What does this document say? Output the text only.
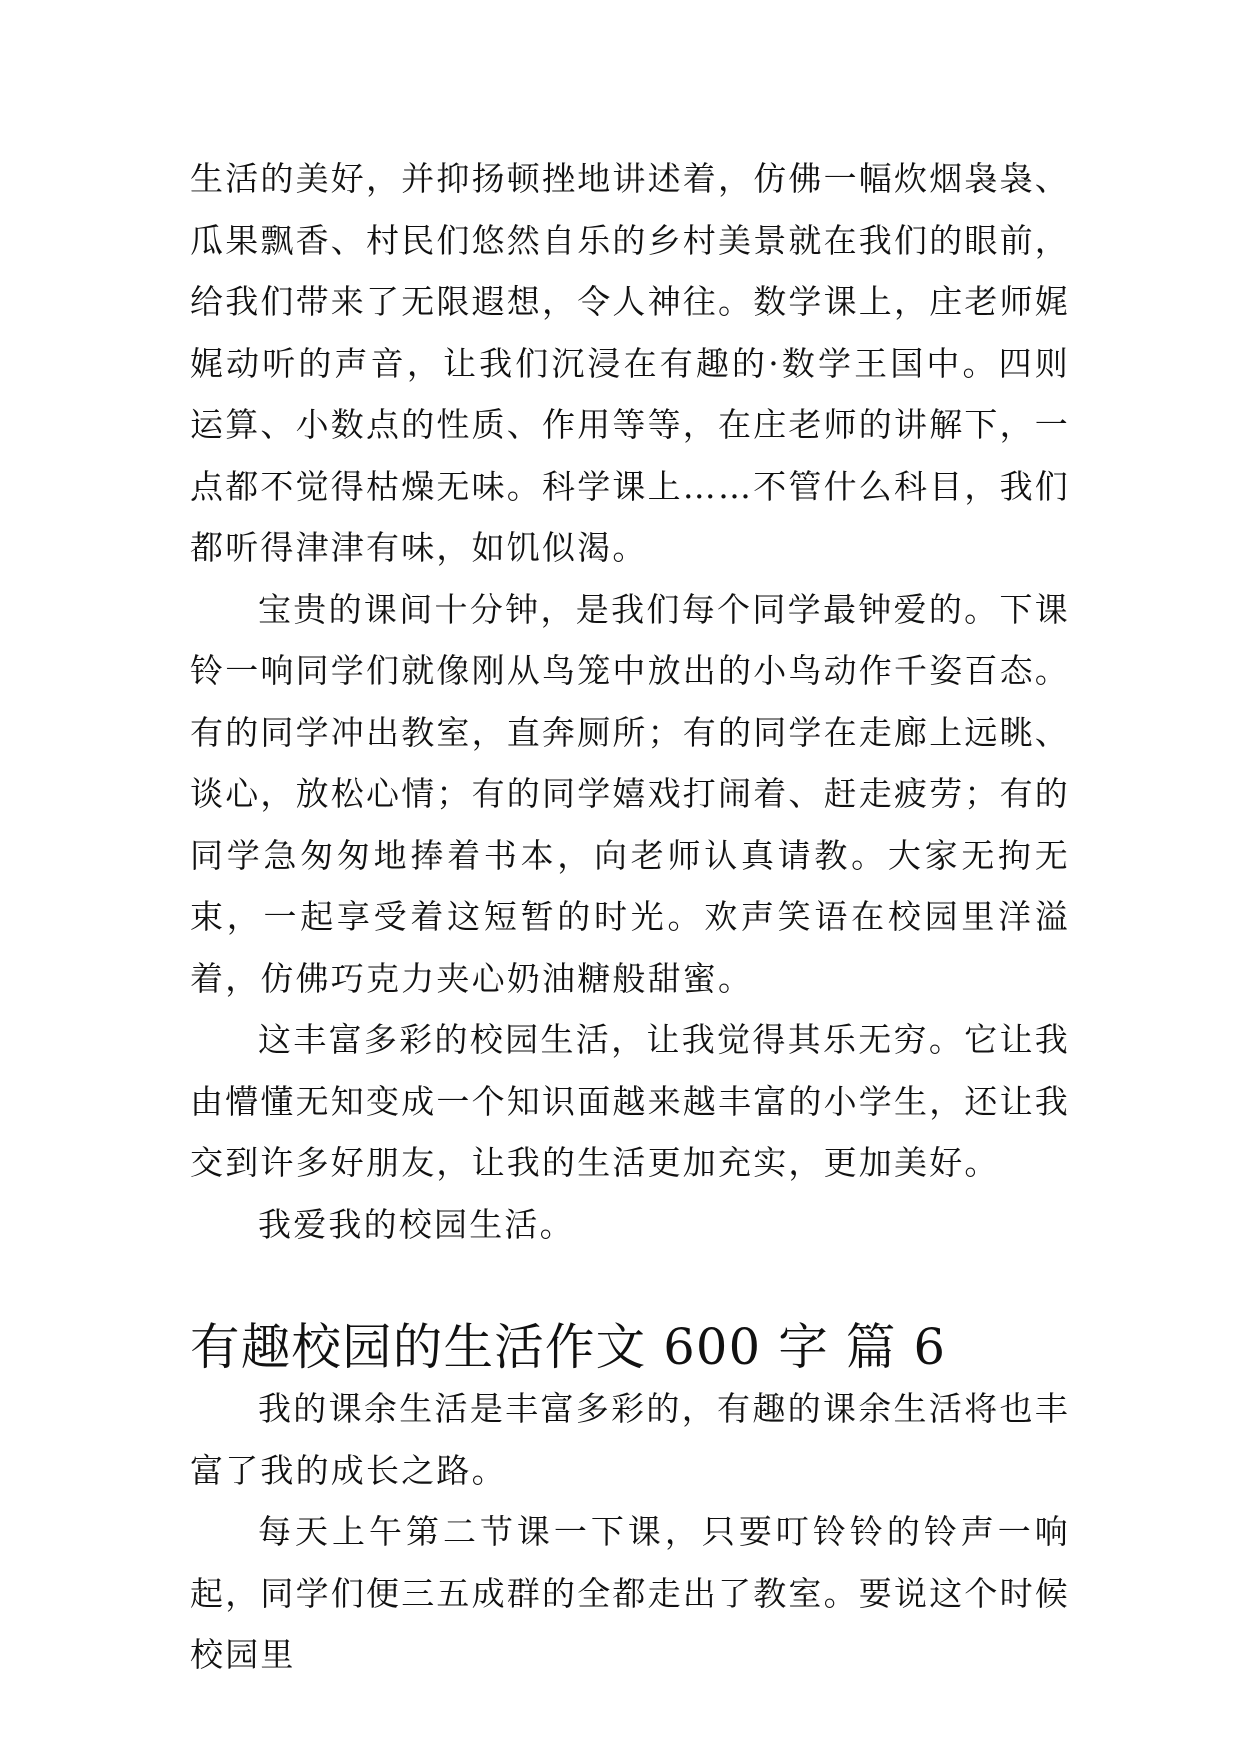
生活的美好，并抑扬顿挫地讲述着，仿佛一幅炊烟袅袅、瓜果飘香、村民们悠然自乐的乡村美景就在我们的眼前，给我们带来了无限遐想，令人神往。数学课上，庄老师娓娓动听的声音，让我们沉浸在有趣的·数学王国中。四则运算、小数点的性质、作用等等，在庄老师的讲解下，一点都不觉得枯燥无味。科学课上……不管什么科目，我们都听得津津有味，如饥似渴。

宝贵的课间十分钟，是我们每个同学最钟爱的。下课铃一响同学们就像刚从鸟笼中放出的小鸟动作千姿百态。有的同学冲出教室，直奔厕所；有的同学在走廊上远眺、谈心，放松心情；有的同学嬉戏打闹着、赶走疲劳；有的同学急匆匆地捧着书本，向老师认真请教。大家无拘无束，一起享受着这短暂的时光。欢声笑语在校园里洋溢着，仿佛巧克力夹心奶油糖般甜蜜。

这丰富多彩的校园生活，让我觉得其乐无穷。它让我由懵懂无知变成一个知识面越来越丰富的小学生，还让我交到许多好朋友，让我的生活更加充实，更加美好。

我爱我的校园生活。

有趣校园的生活作文 600 字 篇 6

我的课余生活是丰富多彩的，有趣的课余生活将也丰富了我的成长之路。

每天上午第二节课一下课，只要叮铃铃的铃声一响起，同学们便三五成群的全都走出了教室。要说这个时候校园里
